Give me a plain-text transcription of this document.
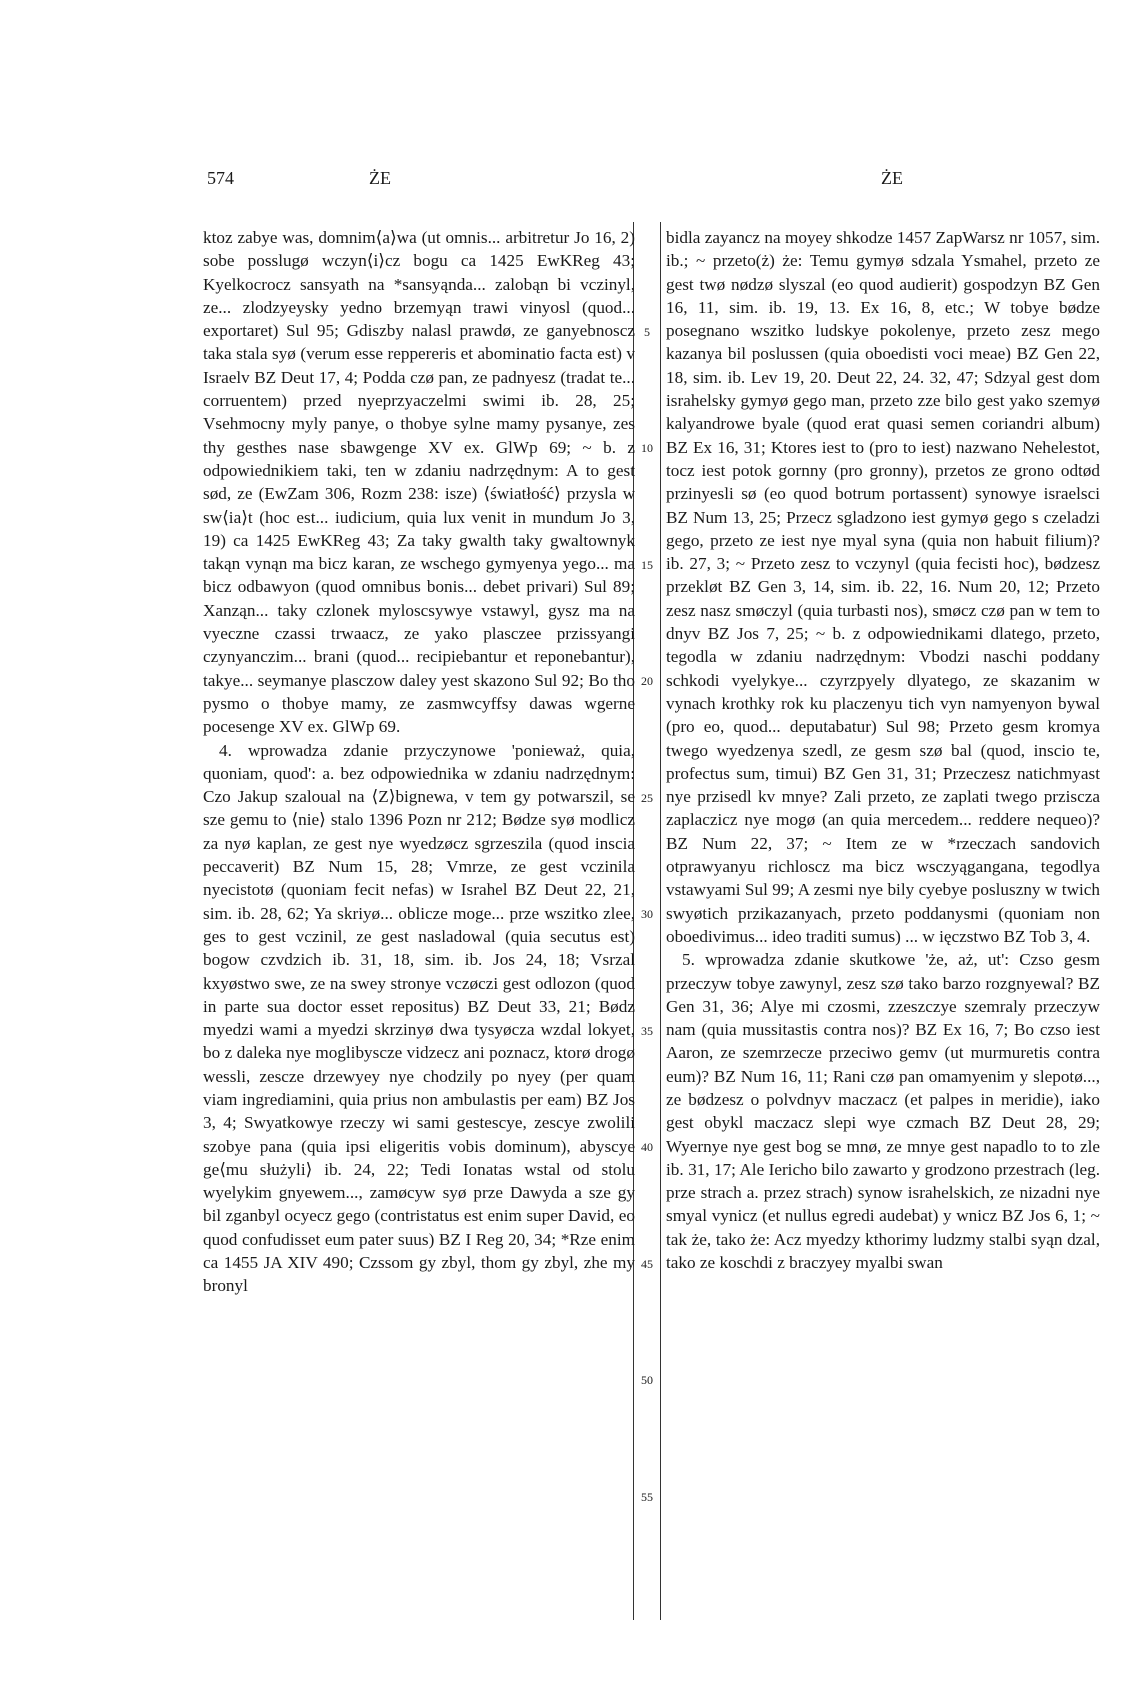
574	ŻE	ŻE
5
10
15
20
25
30
35
40
45
50
55

ktoz zabye was, domnim⟨a⟩wa (ut omnis... arbitretur Jo 16, 2) sobe posslugø wczyn⟨i⟩cz bogu ca 1425 EwKReg 43; Kyelkocrocz sansyath na *sansyąnda... zalobąn bi vczinyl, ze... zlodzyeysky yedno brzemyąn trawi vinyosl (quod... exportaret) Sul 95; Gdiszby nalasl prawdø, ze ganyebnoscz taka stala syø (verum esse reppereris et abominatio facta est) v Israelv BZ Deut 17, 4; Podda czø pan, ze padnyesz (tradat te... corruentem) przed nyeprzyaczelmi swimi ib. 28, 25; Vsehmocny myly panye, o thobye sylne mamy pysanye, zes thy gesthes nase sbawgenge XV ex. GlWp 69; ~ b. z odpowiednikiem taki, ten w zdaniu nadrzędnym: A to gest sød, ze (EwZam 306, Rozm 238: isze) ⟨światłość⟩ przysla w sw⟨ia⟩t (hoc est... iudicium, quia lux venit in mundum Jo 3, 19) ca 1425 EwKReg 43; Za taky gwalth taky gwaltownyk takąn vynąn ma bicz karan, ze wschego gymyenya yego... ma bicz odbawyon (quod omnibus bonis... debet privari) Sul 89; Xanząn... taky czlonek myloscsywye vstawyl, gysz ma na vyeczne czassi trwaacz, ze yako plasczee przissyangi czynyanczim... brani (quod... recipiebantur et reponebantur), takye... seymanye plasczow daley yest skazono Sul 92; Bo tho pysmo o thobye mamy, ze zasmwcyffsy dawas wgerne pocesenge XV ex. GlWp 69.

4. wprowadza zdanie przyczynowe 'ponieważ, quia, quoniam, quod': a. bez odpowiednika w zdaniu nadrzędnym: Czo Jakup szaloual na ⟨Z⟩bignewa, v tem gy potwarszil, se sze gemu to ⟨nie⟩ stalo 1396 Pozn nr 212; Bødze syø modlicz za nyø kaplan, ze gest nye wyedzøcz sgrzeszila (quod inscia peccaverit) BZ Num 15, 28; Vmrze, ze gest vczinila nyecistotø (quoniam fecit nefas) w Israhel BZ Deut 22, 21, sim. ib. 28, 62; Ya skriyø... oblicze moge... prze wszitko zlee, ges to gest vczinil, ze gest nasladowal (quia secutus est) bogow czvdzich ib. 31, 18, sim. ib. Jos 24, 18; Vsrzal kxyøstwo swe, ze na swey stronye vczøczi gest odlozon (quod in parte sua doctor esset repositus) BZ Deut 33, 21; Bødz myedzi wami a myedzi skrzinyø dwa tysyøcza wzdal lokyet, bo z daleka nye moglibyscze vidzecz ani poznacz, ktorø drogø wessli, zescze drzewyey nye chodzily po nyey (per quam viam ingrediamini, quia prius non ambulastis per eam) BZ Jos 3, 4; Swyatkowye rzeczy wi sami gestescye, zescye zwolili szobye pana (quia ipsi eligeritis vobis dominum), abyscye ge⟨mu służyli⟩ ib. 24, 22; Tedi Ionatas wstal od stolu wyelykim gnyewem..., zamøcyw syø prze Dawyda a sze gy bil zganbyl ocyecz gego (contristatus est enim super David, eo quod confudisset eum pater suus) BZ I Reg 20, 34; *Rze enim ca 1455 JA XIV 490; Czssom gy zbyl, thom gy zbyl, zhe my bronyl

bidla zayancz na moyey shkodze 1457 ZapWarsz nr 1057, sim. ib.; ~ przeto(ż) że: Temu gymyø sdzala Ysmahel, przeto ze gest twø nødzø slyszal (eo quod audierit) gospodzyn BZ Gen 16, 11, sim. ib. 19, 13. Ex 16, 8, etc.; W tobye bødze posegnano wszitko ludskye pokolenye, przeto zesz mego kazanya bil poslussen (quia oboedisti voci meae) BZ Gen 22, 18, sim. ib. Lev 19, 20. Deut 22, 24. 32, 47; Sdzyal gest dom israhelsky gymyø gego man, przeto zze bilo gest yako szemyø kalyandrowe byale (quod erat quasi semen coriandri album) BZ Ex 16, 31; Ktores iest to (pro to iest) nazwano Nehelestot, tocz iest potok gornny (pro gronny), przetos ze grono odtød przinyesli sø (eo quod botrum portassent) synowye israelsci BZ Num 13, 25; Przecz sgladzono iest gymyø gego s czeladzi gego, przeto ze iest nye myal syna (quia non habuit filium)? ib. 27, 3; ~ Przeto zesz to vczynyl (quia fecisti hoc), bødzesz przekløt BZ Gen 3, 14, sim. ib. 22, 16. Num 20, 12; Przeto zesz nasz smøczyl (quia turbasti nos), smøcz czø pan w tem to dnyv BZ Jos 7, 25; ~ b. z odpowiednikami dlatego, przeto, tegodla w zdaniu nadrzędnym: Vbodzi naschi poddany schkodi vyelykye... czyrzpyely dlyatego, ze skazanim w vynach krothky rok ku placzenyu tich vyn namyenyon bywal (pro eo, quod... deputabatur) Sul 98; Przeto gesm kromya twego wyedzenya szedl, ze gesm szø bal (quod, inscio te, profectus sum, timui) BZ Gen 31, 31; Przeczesz natichmyast nye przisedl kv mnye? Zali przeto, ze zaplati twego prziscza zaplaczicz nye mogø (an quia mercedem... reddere nequeo)? BZ Num 22, 37; ~ Item ze w *rzeczach sandovich otprawyanyu richloscz ma bicz wsczyągangana, tegodlya vstawyami Sul 99; A zesmi nye bily cyebye posluszny w twich swyøtich przikazanyach, przeto poddanysmi (quoniam non oboedivimus... ideo traditi sumus) ... w ięczstwo BZ Tob 3, 4.

5. wprowadza zdanie skutkowe 'że, aż, ut': Czso gesm przeczyw tobye zawynyl, zesz szø tako barzo rozgnyewal? BZ Gen 31, 36; Alye mi czosmi, zzeszczye szemraly przeczyw nam (quia mussitastis contra nos)? BZ Ex 16, 7; Bo czso iest Aaron, ze szemrzecze przeciwo gemv (ut murmuretis contra eum)? BZ Num 16, 11; Rani czø pan omamyenim y slepotø..., ze bødzesz o polvdnyv maczacz (et palpes in meridie), iako gest obykl maczacz slepi wye czmach BZ Deut 28, 29; Wyernye nye gest bog se mnø, ze mnye gest napadlo to to zle ib. 31, 17; Ale Iericho bilo zawarto y grodzono przestrach (leg. prze strach a. przez strach) synow israhelskich, ze nizadni nye smyal vynicz (et nullus egredi audebat) y wnicz BZ Jos 6, 1; ~ tak że, tako że: Acz myedzy kthorimy ludzmy stalbi syąn dzal, tako ze koschdi z braczyey myalbi swan
